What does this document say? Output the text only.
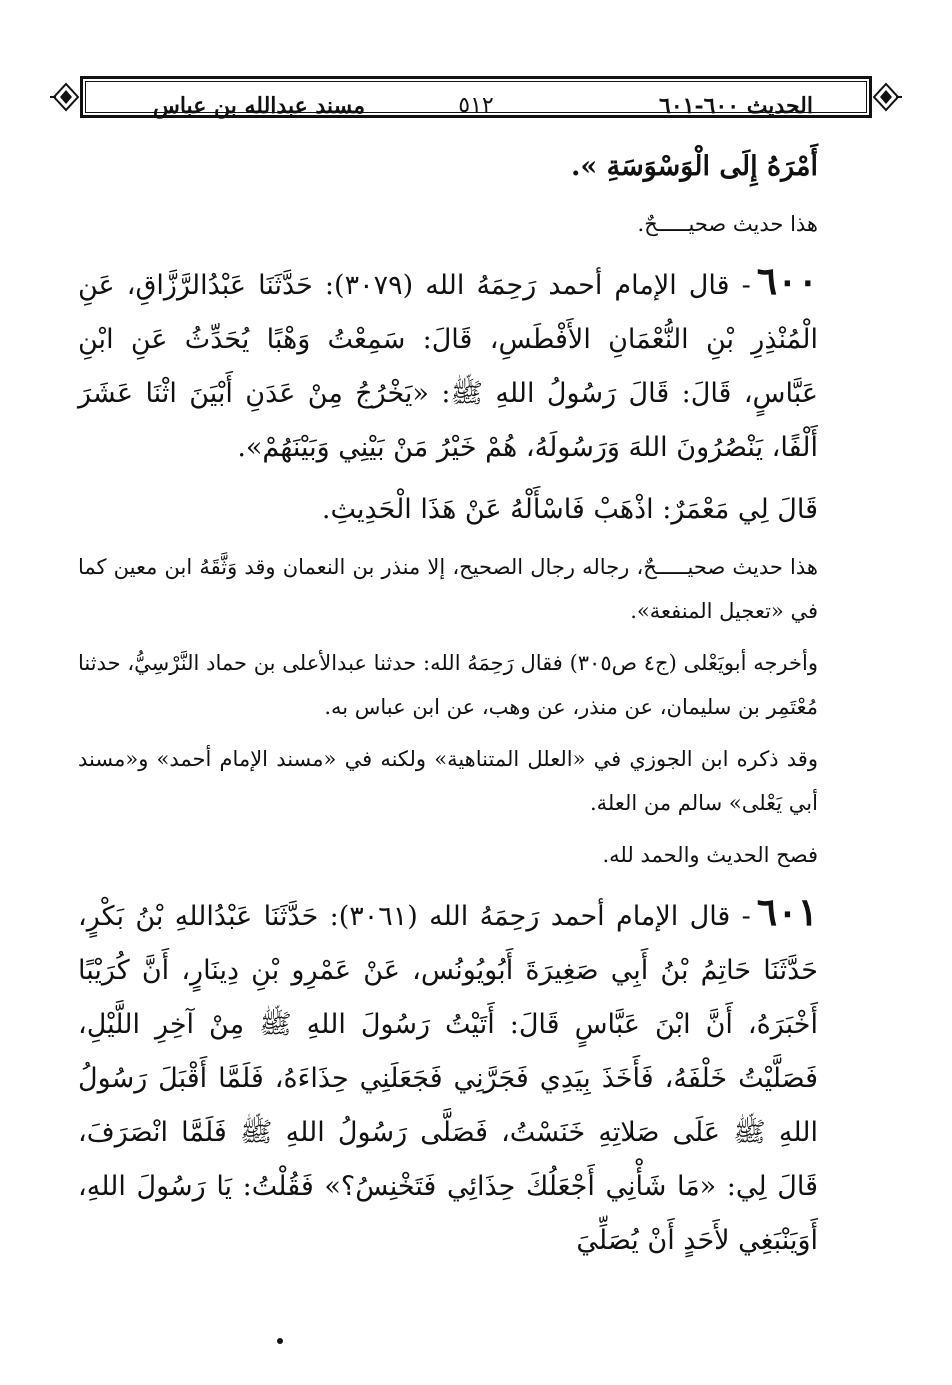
الحديث ٦٠٠-٦٠١
٥١٢
مسند عبدالله بن عباس

أَمْرَهُ إِلَى الْوَسْوَسَةِ ».

هذا حديث صحيـــــحٌ.

٦٠٠- قال الإمام أحمد رَحِمَهُ الله (٣٠٧٩): حَدَّثَنَا عَبْدُالرَّزَّاقِ، عَنِ الْمُنْذِرِ بْنِ النُّعْمَانِ الأَفْطَسِ، قَالَ: سَمِعْتُ وَهْبًا يُحَدِّثُ عَنِ ابْنِ عَبَّاسٍ، قَالَ: قَالَ رَسُولُ اللهِ ﷺ: «يَخْرُجُ مِنْ عَدَنِ أَبْيَنَ اثْنَا عَشَرَ أَلْفًا، يَنْصُرُونَ اللهَ وَرَسُولَهُ، هُمْ خَيْرُ مَنْ بَيْنِي وَبَيْنَهُمْ».

قَالَ لِي مَعْمَرٌ: اذْهَبْ فَاسْأَلْهُ عَنْ هَذَا الْحَدِيثِ.

هذا حديث صحيـــــحٌ، رجاله رجال الصحيح، إلا منذر بن النعمان وقد وَثَّقَهُ ابن معين كما في «تعجيل المنفعة».

وأخرجه أبويَعْلى (ج٤ ص٣٠٥) فقال رَحِمَهُ الله: حدثنا عبدالأعلى بن حماد النَّرْسِيُّ، حدثنا مُعْتَمِر بن سليمان، عن منذر، عن وهب، عن ابن عباس به.

وقد ذكره ابن الجوزي في «العلل المتناهية» ولكنه في «مسند الإمام أحمد» و«مسند أبي يَعْلى» سالم من العلة.

فصح الحديث والحمد لله.

٦٠١- قال الإمام أحمد رَحِمَهُ الله (٣٠٦١): حَدَّثَنَا عَبْدُاللهِ بْنُ بَكْرٍ، حَدَّثَنَا حَاتِمُ بْنُ أَبِي صَغِيرَةَ أَبُويُونُس، عَنْ عَمْرِو بْنِ دِينَارٍ، أَنَّ كُرَيْبًا أَخْبَرَهُ، أَنَّ ابْنَ عَبَّاسٍ قَالَ: أَتَيْتُ رَسُولَ اللهِ ﷺ مِنْ آخِرِ اللَّيْلِ، فَصَلَّيْتُ خَلْفَهُ، فَأَخَذَ بِيَدِي فَجَرَّنِي فَجَعَلَنِي حِذَاءَهُ، فَلَمَّا أَقْبَلَ رَسُولُ اللهِ ﷺ عَلَى صَلاتِهِ خَنَسْتُ، فَصَلَّى رَسُولُ اللهِ ﷺ فَلَمَّا انْصَرَفَ، قَالَ لِي: «مَا شَأْنِي أَجْعَلُكَ حِذَائِي فَتَخْنِسُ؟» فَقُلْتُ: يَا رَسُولَ اللهِ، أَوَيَنْبَغِي لأَحَدٍ أَنْ يُصَلِّيَ
